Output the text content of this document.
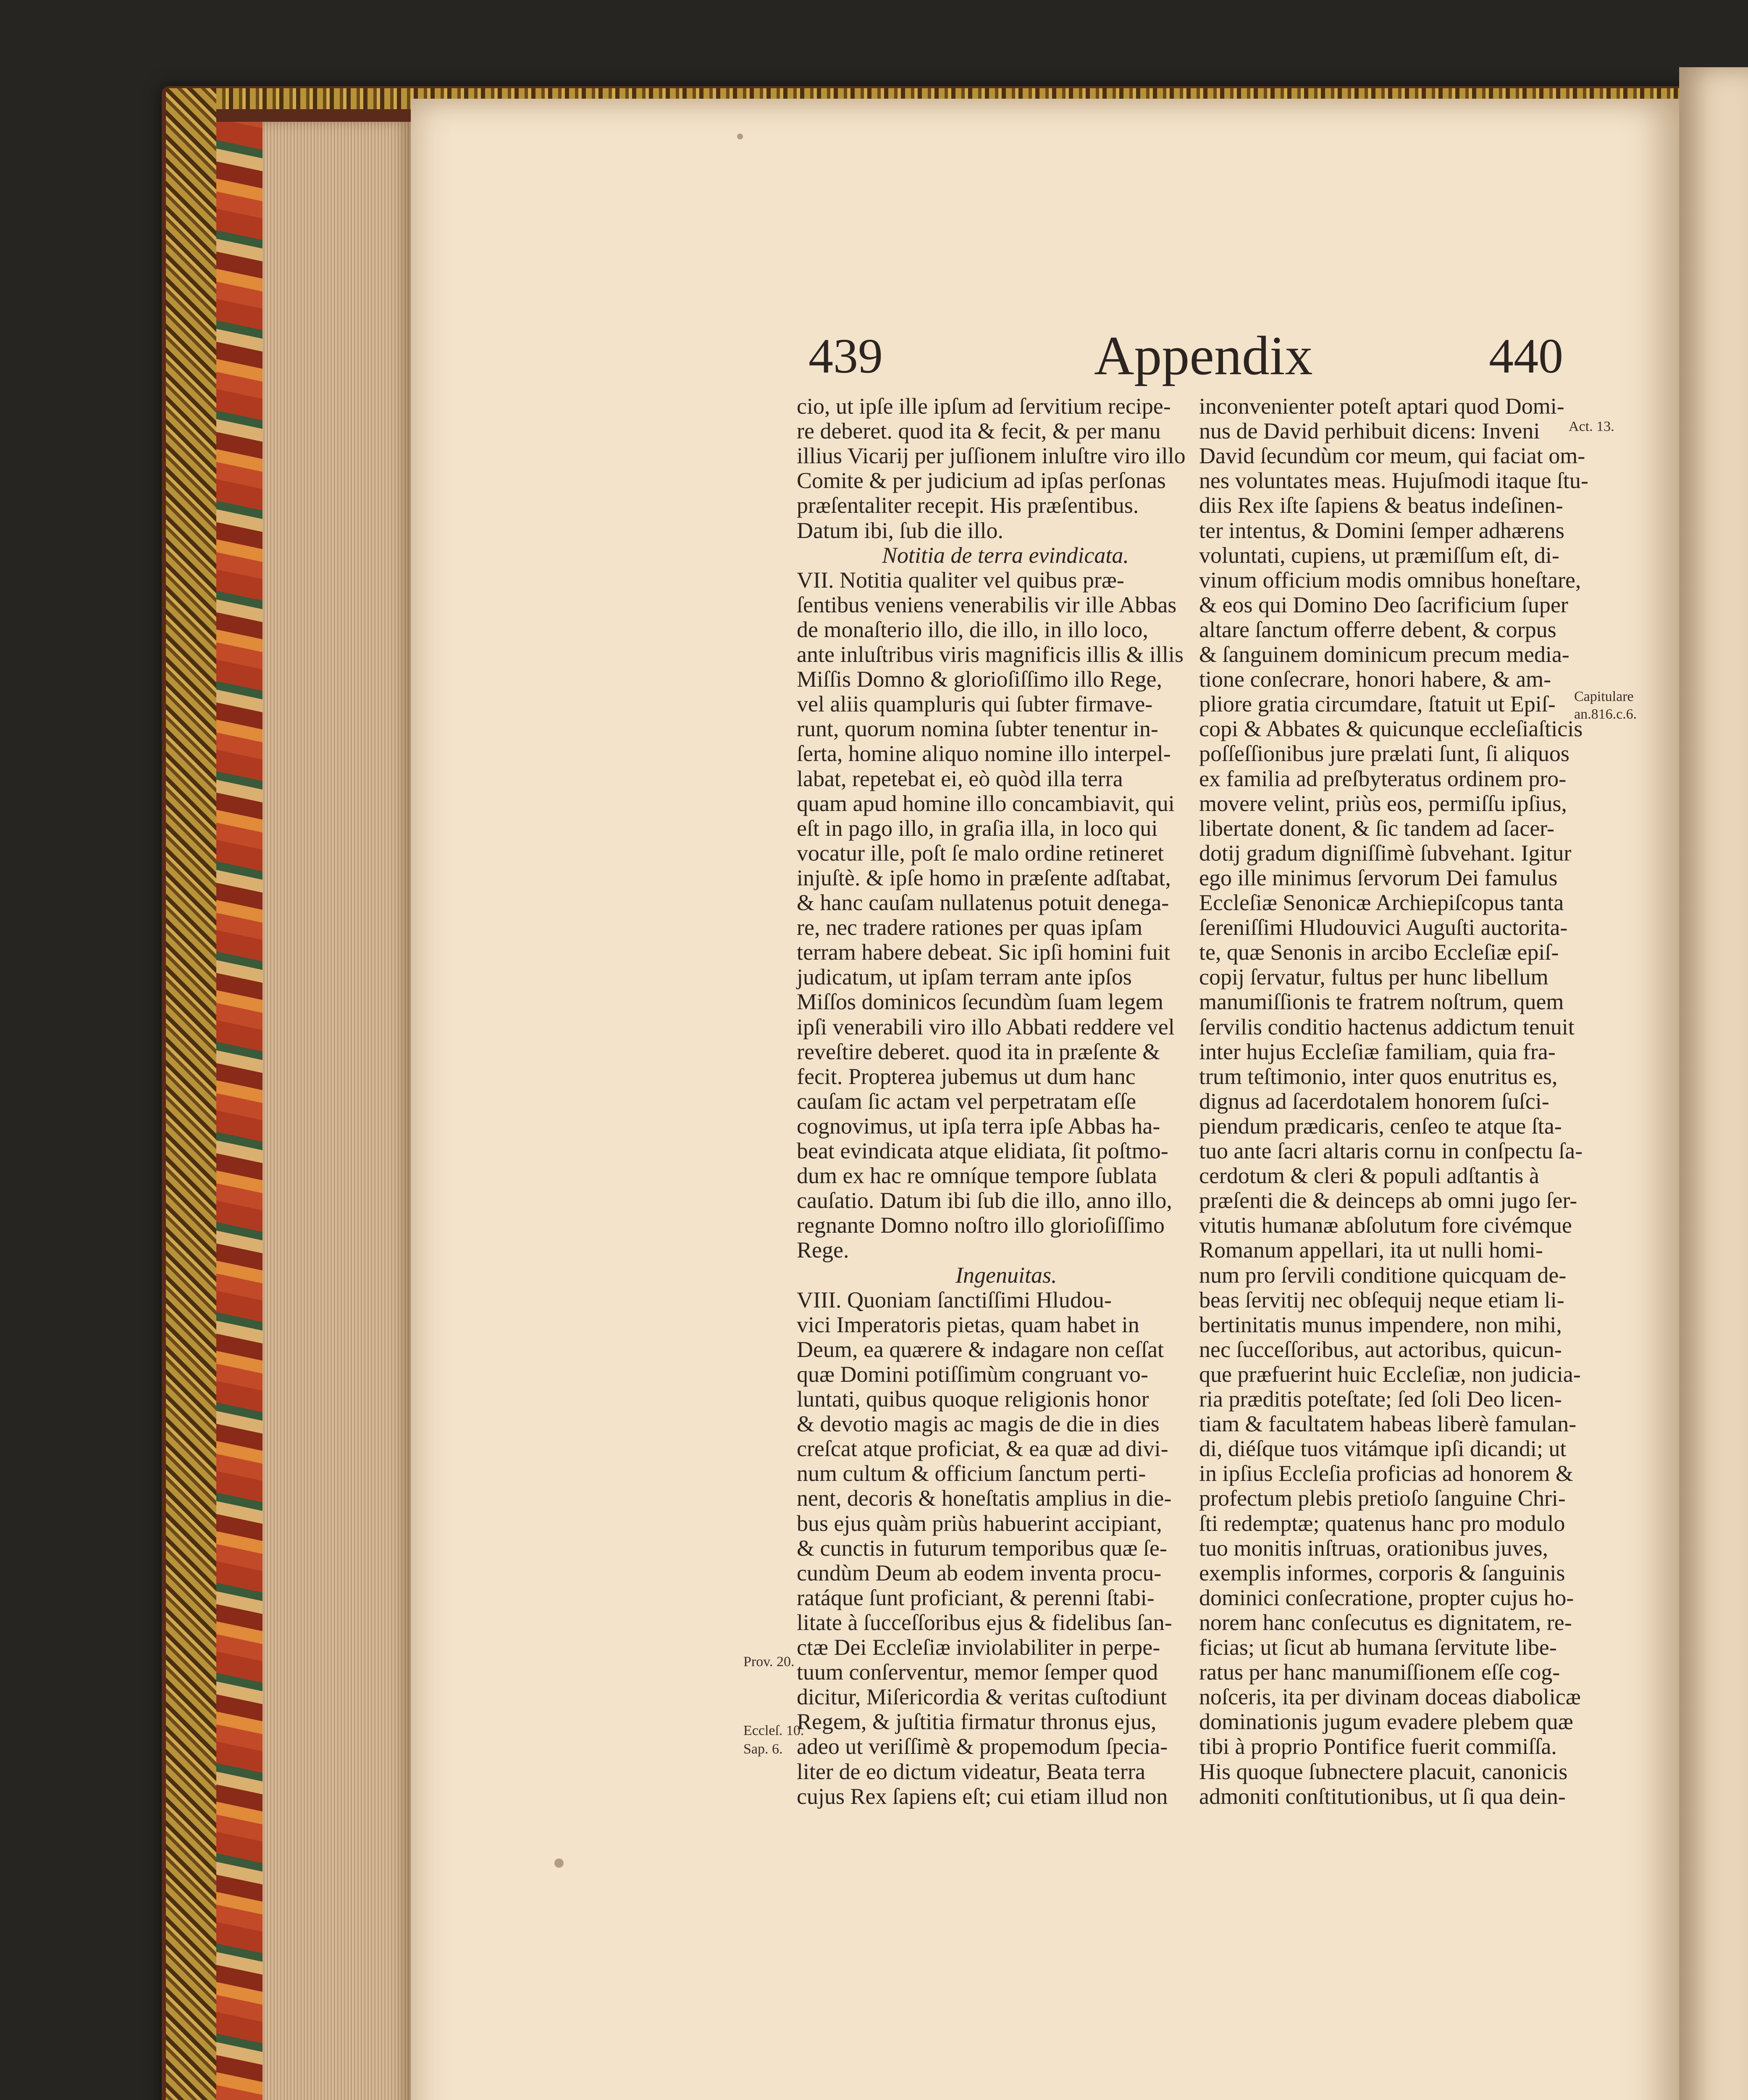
439	Appendix	440
cio, ut ipſe ille ipſum ad ſervitium recipe-
re deberet. quod ita & fecit, & per manu
illius Vicarij per juſſionem inluſtre viro illo
Comite & per judicium ad ipſas perſonas
præſentaliter recepit. His præſentibus.
Datum ibi, ſub die illo.
Notitia de terra evindicata.
VII. Notitia qualiter vel quibus præ-
ſentibus veniens venerabilis vir ille Abbas
de monaſterio illo, die illo, in illo loco,
ante inluſtribus viris magnificis illis & illis
Miſſis Domno & glorioſiſſimo illo Rege,
vel aliis quampluris qui ſubter firmave-
runt, quorum nomina ſubter tenentur in-
ſerta, homine aliquo nomine illo interpel-
labat, repetebat ei, eò quòd illa terra
quam apud homine illo concambiavit, qui
eſt in pago illo, in graſia illa, in loco qui
vocatur ille, poſt ſe malo ordine retineret
injuſtè. & ipſe homo in præſente adſtabat,
& hanc cauſam nullatenus potuit denega-
re, nec tradere rationes per quas ipſam
terram habere debeat. Sic ipſi homini fuit
judicatum, ut ipſam terram ante ipſos
Miſſos dominicos ſecundùm ſuam legem
ipſi venerabili viro illo Abbati reddere vel
reveſtire deberet. quod ita in præſente &
fecit. Propterea jubemus ut dum hanc
cauſam ſic actam vel perpetratam eſſe
cognovimus, ut ipſa terra ipſe Abbas ha-
beat evindicata atque elidiata, ſit poſtmo-
dum ex hac re omníque tempore ſublata
cauſatio. Datum ibi ſub die illo, anno illo,
regnante Domno noſtro illo glorioſiſſimo
Rege.
Ingenuitas.
VIII. Quoniam ſanctiſſimi Hludou-
vici Imperatoris pietas, quam habet in
Deum, ea quærere & indagare non ceſſat
quæ Domini potiſſimùm congruant vo-
luntati, quibus quoque religionis honor
& devotio magis ac magis de die in dies
creſcat atque proficiat, & ea quæ ad divi-
num cultum & officium ſanctum perti-
nent, decoris & honeſtatis amplius in die-
bus ejus quàm priùs habuerint accipiant,
& cunctis in futurum temporibus quæ ſe-
cundùm Deum ab eodem inventa procu-
ratáque ſunt proficiant, & perenni ſtabi-
litate à ſucceſſoribus ejus & fidelibus ſan-
ctæ Dei Eccleſiæ inviolabiliter in perpe-
tuum conſerventur, memor ſemper quod
dicitur, Miſericordia & veritas cuſtodiunt
Regem, & juſtitia firmatur thronus ejus,
adeo ut veriſſimè & propemodum ſpecia-
liter de eo dictum videatur, Beata terra
cujus Rex ſapiens eſt; cui etiam illud non
inconvenienter poteſt aptari quod Domi-
nus de David perhibuit dicens: Inveni
David ſecundùm cor meum, qui faciat om-
nes voluntates meas. Hujuſmodi itaque ſtu-
diis Rex iſte ſapiens & beatus indeſinen-
ter intentus, & Domini ſemper adhærens
voluntati, cupiens, ut præmiſſum eſt, di-
vinum officium modis omnibus honeſtare,
& eos qui Domino Deo ſacrificium ſuper
altare ſanctum offerre debent, & corpus
& ſanguinem dominicum precum media-
tione conſecrare, honori habere, & am-
pliore gratia circumdare, ſtatuit ut Epiſ-
copi & Abbates & quicunque eccleſiaſticis
poſſeſſionibus jure prælati ſunt, ſi aliquos
ex familia ad preſbyteratus ordinem pro-
movere velint, priùs eos, permiſſu ipſius,
libertate donent, & ſic tandem ad ſacer-
dotij gradum digniſſimè ſubvehant. Igitur
ego ille minimus ſervorum Dei famulus
Eccleſiæ Senonicæ Archiepiſcopus tanta
ſereniſſimi Hludouvici Auguſti auctorita-
te, quæ Senonis in arcibo Eccleſiæ epiſ-
copij ſervatur, fultus per hunc libellum
manumiſſionis te fratrem noſtrum, quem
ſervilis conditio hactenus addictum tenuit
inter hujus Eccleſiæ familiam, quia fra-
trum teſtimonio, inter quos enutritus es,
dignus ad ſacerdotalem honorem ſuſci-
piendum prædicaris, cenſeo te atque ſta-
tuo ante ſacri altaris cornu in conſpectu ſa-
cerdotum & cleri & populi adſtantis à
præſenti die & deinceps ab omni jugo ſer-
vitutis humanæ abſolutum fore civémque
Romanum appellari, ita ut nulli homi-
num pro ſervili conditione quicquam de-
beas ſervitij nec obſequij neque etiam li-
bertinitatis munus impendere, non mihi,
nec ſucceſſoribus, aut actoribus, quicun-
que præfuerint huic Eccleſiæ, non judicia-
ria præditis poteſtate; ſed ſoli Deo licen-
tiam & facultatem habeas liberè famulan-
di, diéſque tuos vitámque ipſi dicandi; ut
in ipſius Eccleſia proficias ad honorem &
profectum plebis pretioſo ſanguine Chri-
ſti redemptæ; quatenus hanc pro modulo
tuo monitis inſtruas, orationibus juves,
exemplis informes, corporis & ſanguinis
dominici conſecratione, propter cujus ho-
norem hanc conſecutus es dignitatem, re-
ficias; ut ſicut ab humana ſervitute libe-
ratus per hanc manumiſſionem eſſe cog-
noſceris, ita per divinam doceas diabolicæ
dominationis jugum evadere plebem quæ
tibi à proprio Pontifice fuerit commiſſa.
His quoque ſubnectere placuit, canonicis
admoniti conſtitutionibus, ut ſi qua dein-
Prov. 20.
Eccleſ. 10.
Sap. 6.
Act. 13.
Capitulare
an.816.c.6.
